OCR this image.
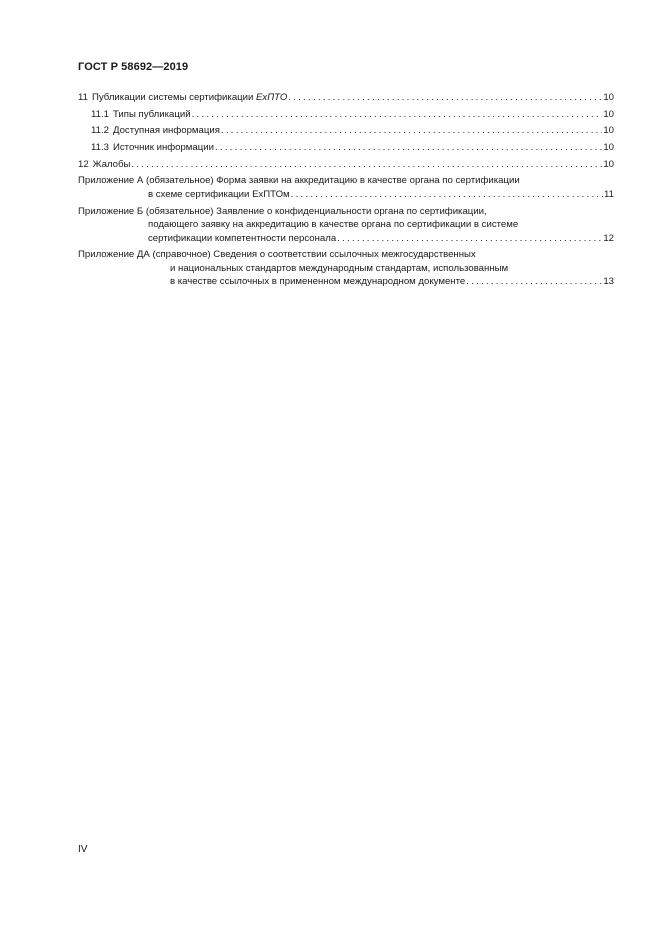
ГОСТ Р 58692—2019
11 Публикации системы сертификации ExПТО . . .	10
11.1 Типы публикаций . . .	10
11.2 Доступная информация . . .	10
11.3 Источник информации . . .	10
12 Жалобы . . .	10
Приложение А (обязательное) Форма заявки на аккредитацию в качестве органа по сертификации
в схеме сертификации ExПТОм . . .	11
Приложение Б (обязательное) Заявление о конфиденциальности органа по сертификации,
подающего заявку на аккредитацию в качестве органа по сертификации в системе
сертификации компетентности персонала . . .	12
Приложение ДА (справочное) Сведения о соответствии ссылочных межгосударственных
и национальных стандартов международным стандартам, использованным
в качестве ссылочных в примененном международном документе . . .	13
IV
